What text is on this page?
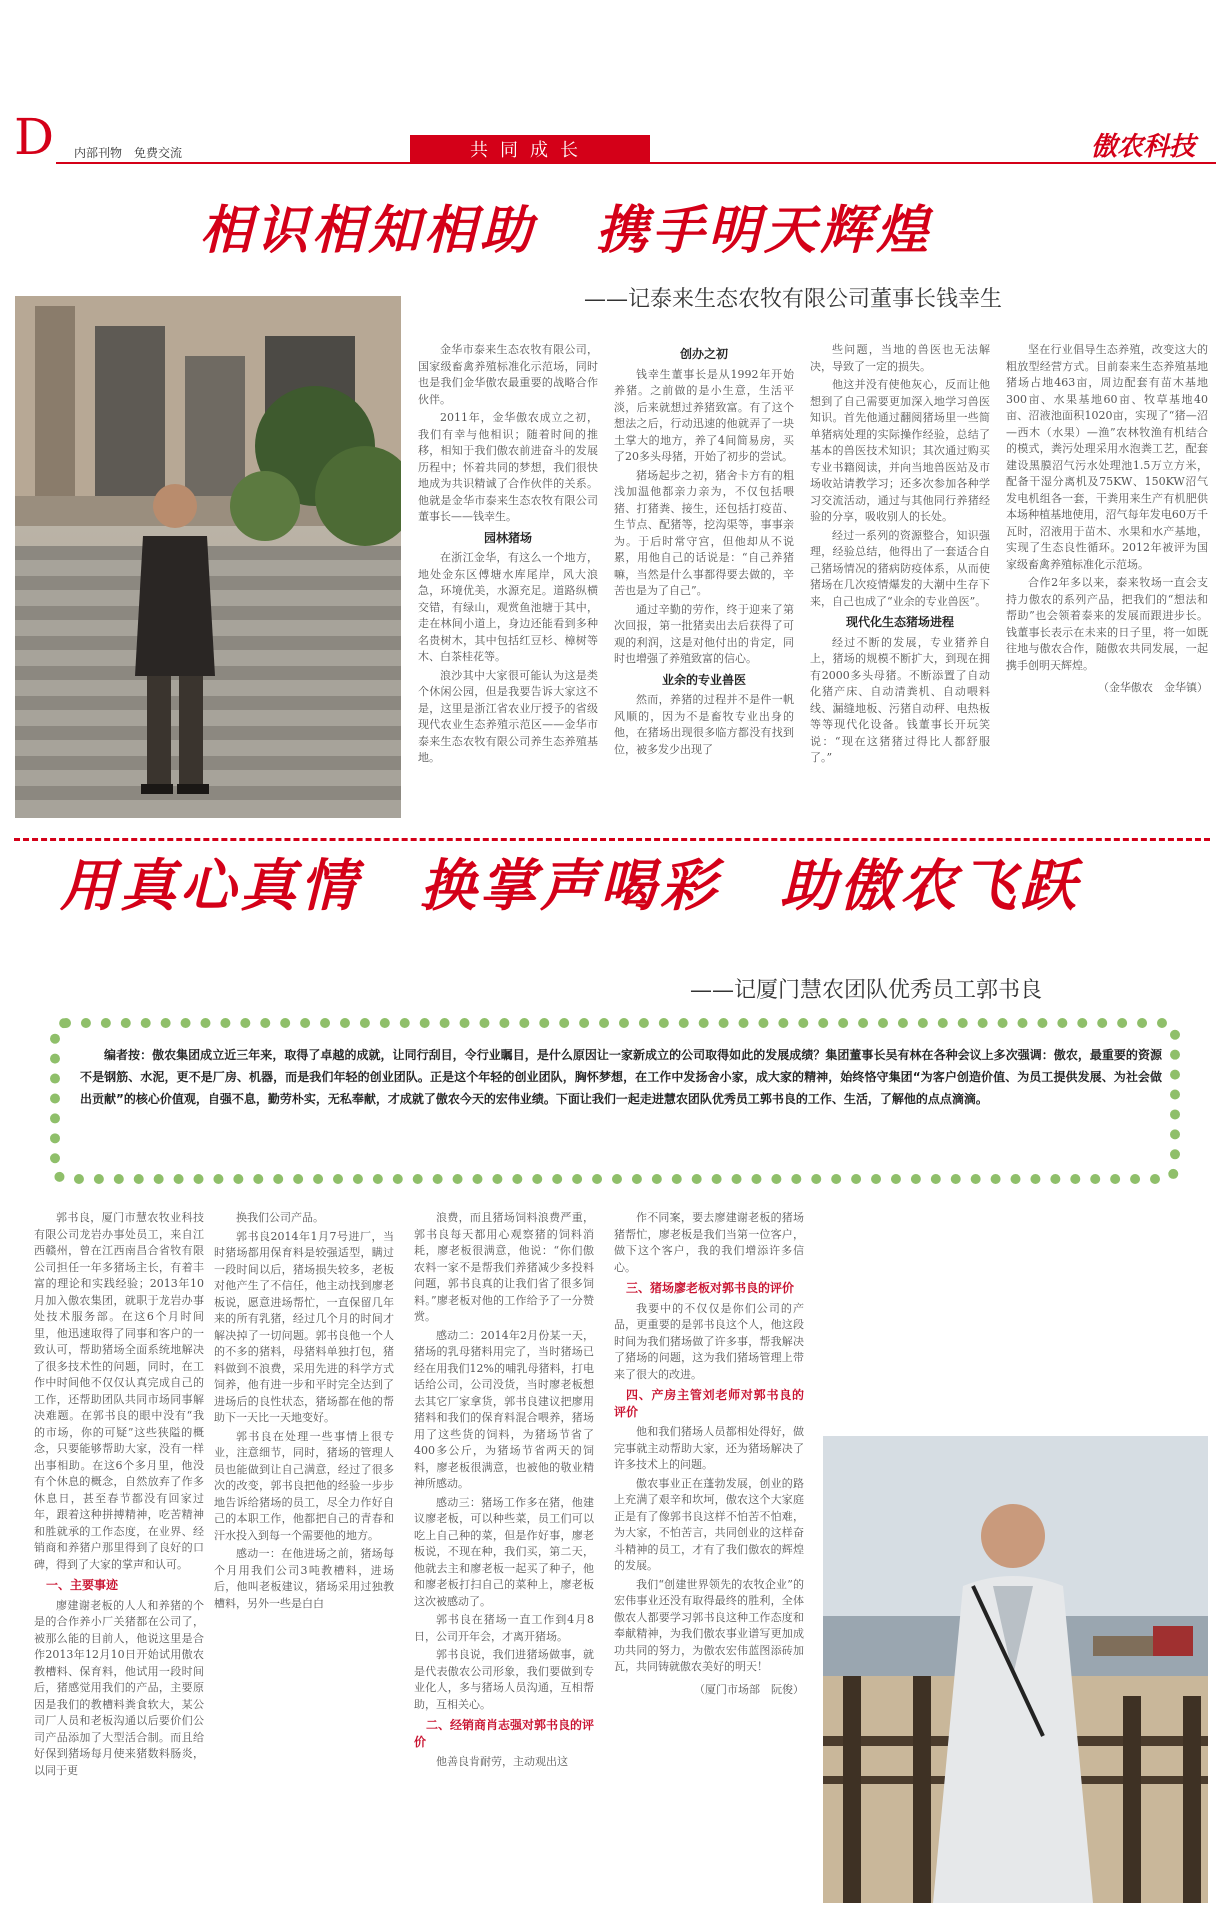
D 内部刊物　免费交流	共同成长	傲农科技
相识相知相助 携手明天辉煌
——记泰来生态农牧有限公司董事长钱幸生

金华市泰来生态农牧有限公司，国家级畜禽养殖标准化示范场，同时也是我们金华傲农最重要的战略合作伙伴。

2011年，金华傲农成立之初，我们有幸与他相识；随着时间的推移，相知于我们傲农前进奋斗的发展历程中；怀着共同的梦想，我们很快地成为共识精诚了合作伙伴的关系。他就是金华市泰来生态农牧有限公司董事长——钱幸生。

园林猪场

在浙江金华，有这么一个地方，地处金东区傅塘水库尾岸，风大浪急，环境优美，水源充足。道路纵横交错，有绿山，观赏鱼池塘于其中，走在林间小道上，身边还能看到多种名贵树木，其中包括红豆杉、樟树等木、白茶桂花等。

浪沙其中大家很可能认为这是类个休闲公园，但是我要告诉大家这不是，这里是浙江省农业厅授予的省级现代农业生态养殖示范区——金华市泰来生态农牧有限公司养生态养殖基地。

创办之初

钱幸生董事长是从1992年开始养猪。之前做的是小生意，生活平淡，后来就想过养猪致富。有了这个想法之后，行动迅速的他就弄了一块土掌大的地方，养了4间简易房，买了20多头母猪，开始了初步的尝试。

猪场起步之初，猪舍卡方有的粗浅加温他都亲力亲为，不仅包括喂猪、打猪粪、接生，还包括打疫苗、生节点、配猪等，挖沟渠等，事事亲为。于后时常守宫，但他却从不说累，用他自己的话说是：“自己养猪嘛，当然是什么事都得要去做的，辛苦也是为了自己”。

通过辛勤的劳作，终于迎来了第次回报，第一批猪卖出去后获得了可观的利润，这是对他付出的肯定，同时也增强了养殖致富的信心。

业余的专业兽医

然而，养猪的过程并不是件一帆风顺的，因为不是畜牧专业出身的他，在猪场出现很多临方都没有找到位，被多发少出现了

些问题，当地的兽医也无法解决，导致了一定的损失。

他这并没有使他灰心，反而让他想到了自己需要更加深入地学习兽医知识。首先他通过翻阅猪场里一些简单猪病处理的实际操作经验，总结了基本的兽医技术知识；其次通过购买专业书籍阅读，并向当地兽医站及市场收站请教学习；还多次参加各种学习交流活动，通过与其他同行养猪经验的分享，吸收别人的长处。

经过一系列的资源整合，知识强理，经验总结，他得出了一套适合自己猪场情况的猪病防疫体系，从而使猪场在几次疫情爆发的大潮中生存下来，自己也成了“业余的专业兽医”。

现代化生态猪场进程

经过不断的发展，专业猪养自上，猪场的规模不断扩大，到现在拥有2000多头母猪。不断添置了自动化猪产床、自动清粪机、自动喂料线、漏缝地板、污猪自动秤、电热板等等现代化设备。钱董事长开玩笑说：“现在这猪猪过得比人都舒服了。”

坚在行业倡导生态养殖，改变这大的粗放型经营方式。目前泰来生态养殖基地猪场占地463亩，周边配套有苗木基地300亩、水果基地60亩、牧草基地40亩、沼液池面积1020亩，实现了“猪—沼—西木（水果）—渔”农林牧渔有机结合的模式，粪污处理采用水泡粪工艺，配套建设黑膜沼气污水处理池1.5万立方米，配备干湿分离机及75KW、150KW沼气发电机组各一套，干粪用来生产有机肥供本场种植基地使用，沼气每年发电60万千瓦时，沼液用于苗木、水果和水产基地，实现了生态良性循环。2012年被评为国家级畜禽养殖标准化示范场。

合作2年多以来，泰来牧场一直会支持力傲农的系列产品，把我们的“想法和帮助”也会领着泰来的发展而跟进步长。钱董事长表示在未来的日子里，将一如既往地与傲农合作，随傲农共同发展，一起携手创明天辉煌。

（金华傲农　金华镇）

用真心真情 换掌声喝彩 助傲农飞跃
——记厦门慧农团队优秀员工郭书良
编者按：傲农集团成立近三年来，取得了卓越的成就，让同行刮目，令行业瞩目，是什么原因让一家新成立的公司取得如此的发展成绩？集团董事长吴有林在各种会议上多次强调：傲农，最重要的资源不是钢筋、水泥，更不是厂房、机器，而是我们年轻的创业团队。正是这个年轻的创业团队，胸怀梦想，在工作中发扬舍小家，成大家的精神，始终恪守集团“为客户创造价值、为员工提供发展、为社会做出贡献”的核心价值观，自强不息，勤劳朴实，无私奉献，才成就了傲农今天的宏伟业绩。下面让我们一起走进慧农团队优秀员工郭书良的工作、生活，了解他的点点滴滴。

郭书良，厦门市慧农牧业科技有限公司龙岩办事处员工，来自江西赣州，曾在江西南昌合省牧有限公司担任一年多猪场主长，有着丰富的理论和实践经验；2013年10月加入傲农集团，就职于龙岩办事处技术服务部。在这6个月时间里，他迅速取得了同事和客户的一致认可，帮助猪场全面系统地解决了很多技术性的问题，同时，在工作中时间他不仅仅认真完成自己的工作，还帮助团队共同市场同事解决难题。在郭书良的眼中没有“我的市场，你的可疑”这些狭隘的概念，只要能够帮助大家，没有一样出事相助。在这6个多月里，他没有个休息的概念，自然放弃了作多休息日，甚至春节都没有回家过年，跟着这种拼搏精神，吃苦精神和胜就承的工作态度，在业界、经销商和养猪户那里得到了良好的口碑，得到了大家的掌声和认可。

一、主要事迹

廖建谢老板的人人和养猪的个是的合作养小厂关猪都在公司了，被那么能的目前人，他说这里是合作2013年12月10日开始试用傲农教槽料、保育料，他试用一段时间后，猪感觉用我们的产品，主要原因是我们的教槽料粪食软大，某公司厂人员和老板沟通以后要价们公司产品添加了大型活合制。而且给好保到猪场每月使来猪数料肠炎，以同于更

换我们公司产品。

郭书良2014年1月7号进厂，当时猪场都用保育料是较强适型，瞒过一段时间以后，猪场损失较多，老板对他产生了不信任，他主动找到廖老板说，愿意进场帮忙，一直保留几年来的所有乳猪，经过几个月的时间才解决掉了一切问题。郭书良他一个人的不多的猪料，母猪料单独打包，猪料做到不浪费，采用先进的科学方式饲养，他有进一步和平时完全达到了进场后的良性状态，猪场都在他的帮助下一天比一天地变好。

郭书良在处理一些事情上很专业，注意细节，同时，猪场的管理人员也能做到让自己满意，经过了很多次的改变，郭书良把他的经验一步步地告诉给猪场的员工，尽全力作好自己的本职工作，他都把自己的青春和汗水投入到每一个需要他的地方。

感动一：在他进场之前，猪场每个月用我们公司3吨教槽料，进场后，他叫老板建议，猪场采用过独教槽料，另外一些是白白

浪费，而且猪场饲料浪费严重，郭书良每天都用心观察猪的饲料消耗，廖老板很满意，他说：“你们傲农料一家不是帮我们养猪减少多投料问题，郭书良真的让我们省了很多饲料。”廖老板对他的工作给予了一分赞赏。

感动二：2014年2月份某一天，猪场的乳母猪料用完了，当时猪场已经在用我们12%的哺乳母猪料，打电话给公司，公司没货，当时廖老板想去其它厂家拿货，郭书良建议把廖用猪料和我们的保育料混合喂养，猪场用了这些货的饲料，为猪场节省了400多公斤，为猪场节省两天的饲料，廖老板很满意，也被他的敬业精神所感动。

感动三：猪场工作多在猪，他建议廖老板，可以种些菜，员工们可以吃上自己种的菜，但是作好事，廖老板说，不现在种，我们买，第二天，他就去主和廖老板一起买了种子，他和廖老板打扫自己的菜种上，廖老板这次被感动了。

郭书良在猪场一直工作到4月8日，公司开年会，才离开猪场。

郭书良说，我们进猪场做事，就是代表傲农公司形象，我们要做到专业化人，多与猪场人员沟通，互相帮助，互相关心。

二、经销商肖志强对郭书良的评价

他善良肯耐劳，主动观出这

作不同案，要去廖建谢老板的猪场猪帮忙，廖老板是我们当第一位客户，做下这个客户，我的我们增添许多信心。

三、猪场廖老板对郭书良的评价

我要中的不仅仅是你们公司的产品，更重要的是郭书良这个人，他这段时间为我们猪场做了许多事，帮我解决了猪场的问题，这为我们猪场管理上带来了很大的改进。

四、产房主管刘老师对郭书良的评价

他和我们猪场人员都相处得好，做完事就主动帮助大家，还为猪场解决了许多技术上的问题。

傲农事业正在蓬勃发展，创业的路上充满了艰辛和坎坷，傲农这个大家庭正是有了像郭书良这样不怕苦不怕难，为大家，不怕苦言，共同创业的这样奋斗精神的员工，才有了我们傲农的辉煌的发展。

我们“创建世界领先的农牧企业”的宏伟事业还没有取得最终的胜利，全体傲农人都要学习郭书良这种工作态度和奉献精神，为我们傲农事业谱写更加成功共同的努力，为傲农宏伟蓝图添砖加瓦，共同铸就傲农美好的明天！

（厦门市场部　阮俊）
